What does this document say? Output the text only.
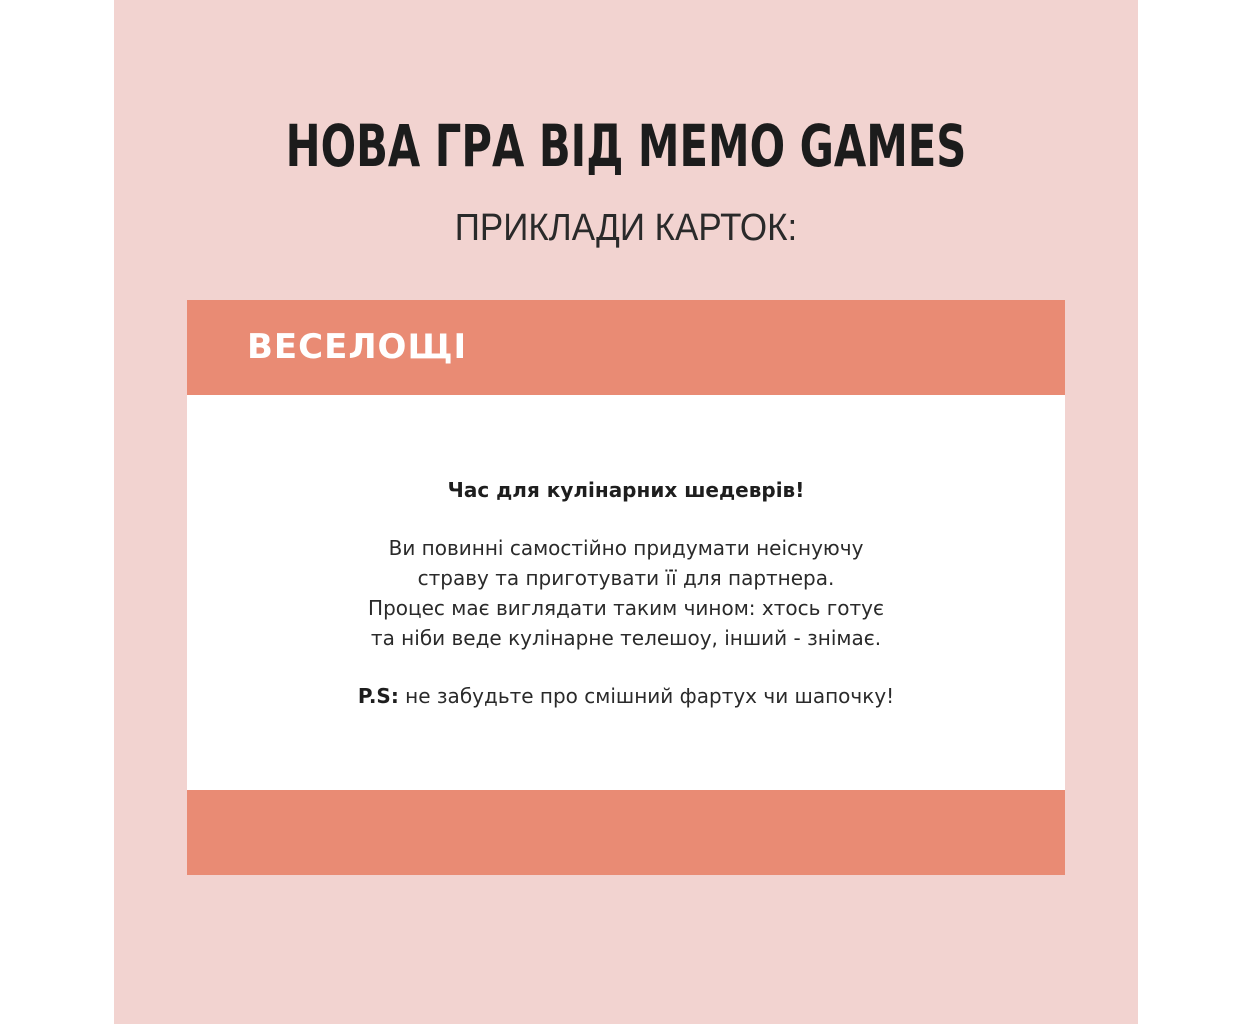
НОВА ГРА ВІД MEMO GAMES
ПРИКЛАДИ КАРТОК:
ВЕСЕЛОЩІ
Час для кулінарних шедеврів!
Ви повинні самостійно придумати неіснуючу
страву та приготувати її для партнера.
Процес має виглядати таким чином: хтось готує
та ніби веде кулінарне телешоу, інший - знімає.
P.S: не забудьте про смішний фартух чи шапочку!
